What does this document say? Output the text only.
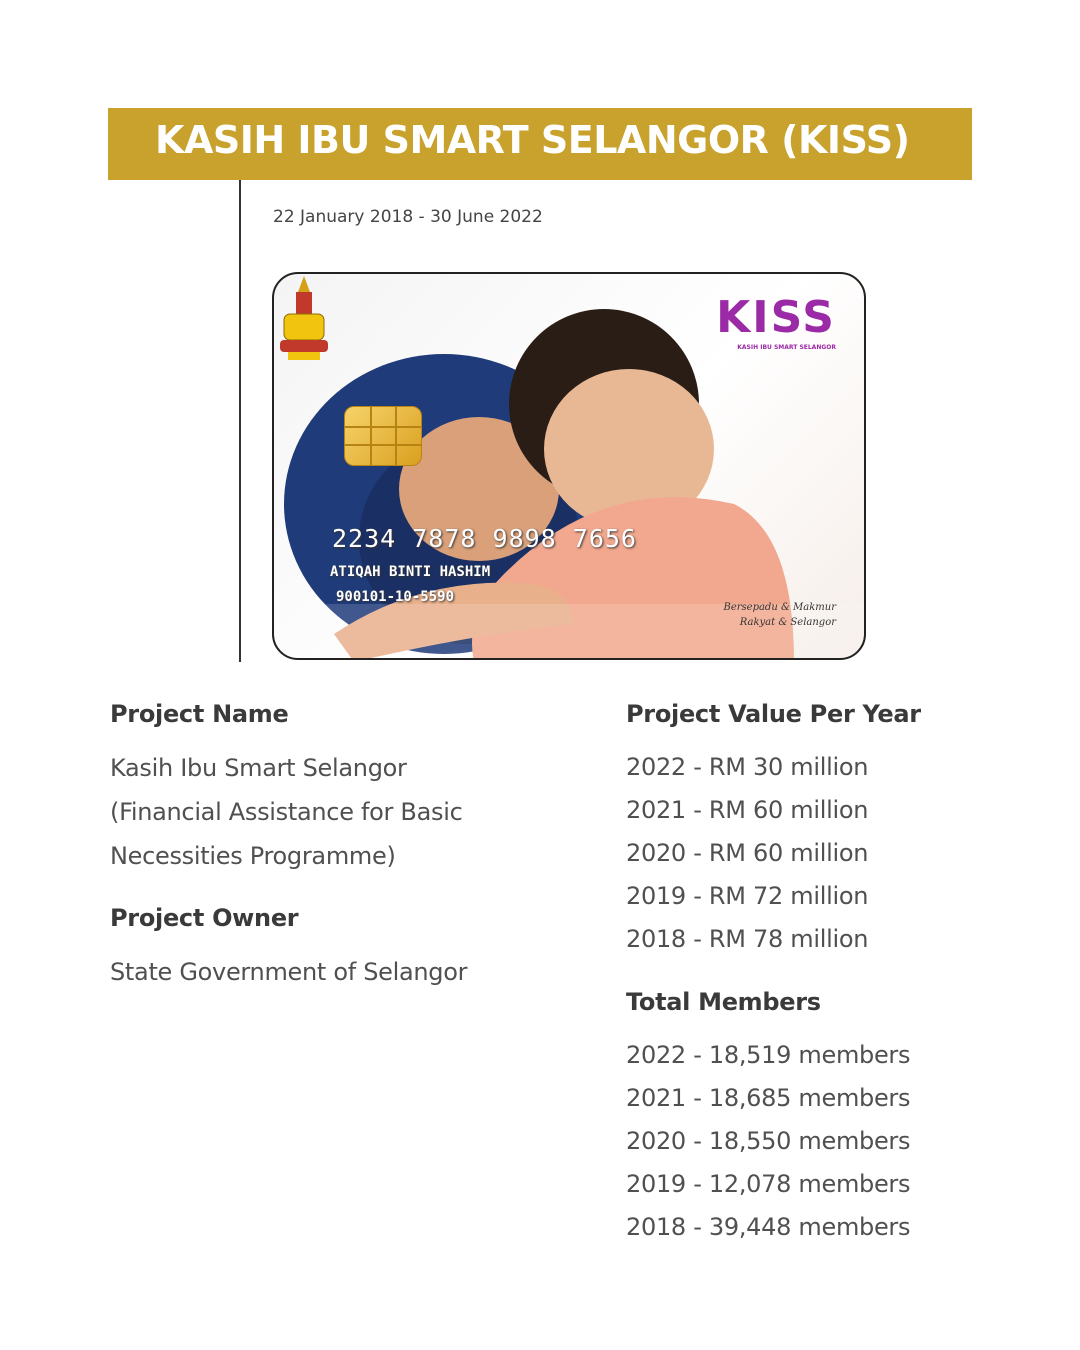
KASIH IBU SMART SELANGOR (KISS)
22 January 2018 - 30 June 2022
KISS
KASIH IBU SMART SELANGOR
2234 7878 9898 7656
ATIQAH BINTI HASHIM
900101-10-5590
Bersepadu & Makmur
Rakyat & Selangor
Project Name
Kasih Ibu Smart Selangor
(Financial Assistance for Basic
Necessities Programme)
Project Owner
State Government of Selangor
Project Value Per Year
2022 - RM 30 million
2021 - RM 60 million
2020 - RM 60 million
2019 - RM 72 million
2018 - RM 78 million
Total Members
2022 - 18,519 members
2021 - 18,685 members
2020 - 18,550 members
2019 - 12,078 members
2018 - 39,448 members
